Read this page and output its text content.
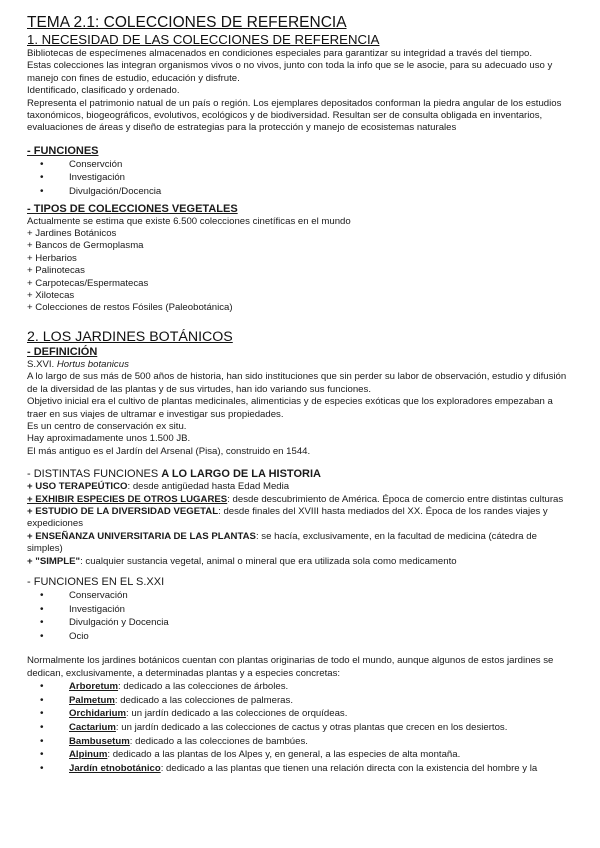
TEMA 2.1: COLECCIONES DE REFERENCIA
1. NECESIDAD DE LAS COLECCIONES DE REFERENCIA

Bibliotecas de especímenes almacenados en condiciones especiales para garantizar su integridad a través del tiempo.

Estas colecciones las integran organismos vivos o no vivos, junto con toda la info que se le asocie, para su adecuado uso y manejo con fines de estudio, educación y disfrute.

Identificado, clasificado y ordenado.

Representa el patrimonio natual de un país o región. Los ejemplares depositados conforman la piedra angular de los estudios taxonómicos, biogeográficos, evolutivos, ecológicos y de biodiversidad. Resultan ser de consulta obligada en inventarios, evaluaciones de áreas y diseño de estrategias para la protección y manejo de ecosistemas naturales

- FUNCIONES

• Conservción
• Investigación
• Divulgación/Docencia

- TIPOS DE COLECCIONES VEGETALES

Actualmente se estima que existe 6.500 colecciones cinetíficas en el mundo

+ Jardines Botánicos

+ Bancos de Germoplasma

+ Herbarios

+ Palinotecas

+ Carpotecas/Espermatecas

+ Xilotecas

+ Colecciones de restos Fósiles (Paleobotánica)

2. LOS JARDINES BOTÁNICOS

- DEFINICIÓN

S.XVI. Hortus botanicus

A lo largo de sus más de 500 años de historia, han sido instituciones que sin perder su labor de observación, estudio y difusión de la diversidad de las plantas y de sus virtudes, han ido variando sus funciones.

Objetivo inicial era el cultivo de plantas medicinales, alimenticias y de especies exóticas que los exploradores empezaban a traer en sus viajes de ultramar e investigar sus propiedades.

Es un centro de conservación ex situ.

Hay aproximadamente unos 1.500 JB.

El más antiguo es el Jardín del Arsenal (Pisa), construido en 1544.

- DISTINTAS FUNCIONES A LO LARGO DE LA HISTORIA

+ USO TERAPEÚTICO: desde antigüedad hasta Edad Media

+ EXHIBIR ESPECIES DE OTROS LUGARES: desde descubrimiento de América. Época de comercio entre distintas culturas

+ ESTUDIO DE LA DIVERSIDAD VEGETAL: desde finales del XVIII hasta mediados del XX. Época de los randes viajes y expediciones

+ ENSEÑANZA UNIVERSITARIA DE LAS PLANTAS: se hacía, exclusivamente, en la facultad de medicina (cátedra de simples)

+ "SIMPLE": cualquier sustancia vegetal, animal o mineral que era utilizada sola como medicamento

- FUNCIONES EN EL S.XXI

• Conservación
• Investigación
• Divulgación y Docencia
• Ocio

Normalmente los jardines botánicos cuentan con plantas originarias de todo el mundo, aunque algunos de estos jardines se dedican, exclusivamente, a determinadas plantas y a especies concretas:

• Arboretum: dedicado a las colecciones de árboles.
• Palmetum: dedicado a las colecciones de palmeras.
• Orchidarium: un jardín dedicado a las colecciones de orquídeas.
• Cactarium: un jardín dedicado a las colecciones de cactus y otras plantas que crecen en los desiertos.
• Bambusetum: dedicado a las colecciones de bambúes.
• Alpinum: dedicado a las plantas de los Alpes y, en general, a las especies de alta montaña.
• Jardín etnobotánico: dedicado a las plantas que tienen una relación directa con la existencia del hombre y la
